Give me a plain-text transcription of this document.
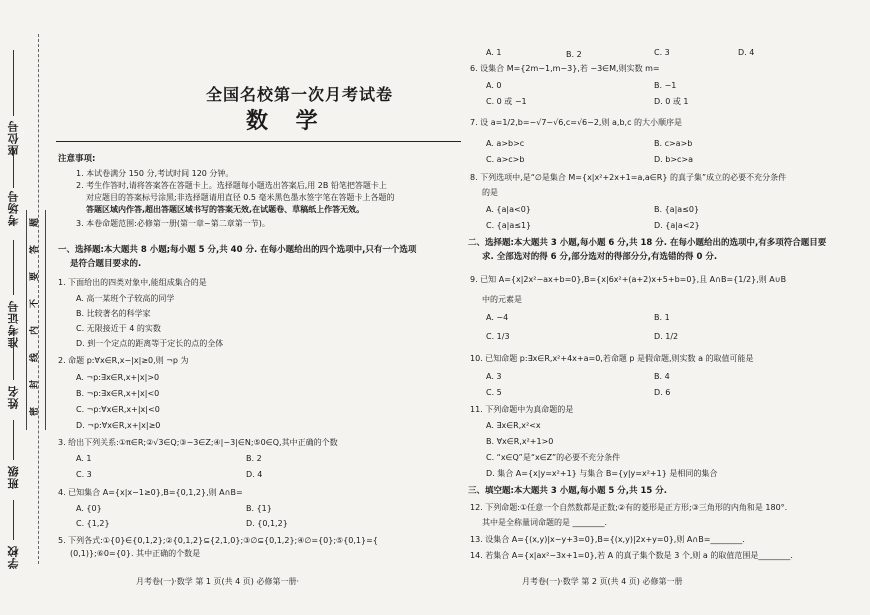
座位号
考场号
准考证号
姓名
班级
学校
题
答
要
不
内
线
封
密
全国名校第一次月考试卷
数 学
注意事项:
1. 本试卷满分 150 分,考试时间 120 分钟。
2. 考生作答时,请将答案答在答题卡上。选择题每小题选出答案后,用 2B 铅笔把答题卡上
对应题目的答案标号涂黑;非选择题请用直径 0.5 毫米黑色墨水签字笔在答题卡上各题的
答题区域内作答,超出答题区域书写的答案无效,在试题卷、草稿纸上作答无效。
3. 本卷命题范围:必修第一册(第一章~第二章第一节)。
一、选择题:本大题共 8 小题;每小题 5 分,共 40 分. 在每小题给出的四个选项中,只有一个选项
是符合题目要求的.
1. 下面给出的四类对象中,能组成集合的是
A. 高一某班个子较高的同学
B. 比较著名的科学家
C. 无限接近于 4 的实数
D. 到一个定点的距离等于定长的点的全体
2. 命题 p:∀x∈R,x−|x|≥0,则 ¬p 为
A. ¬p:∃x∈R,x+|x|>0
B. ¬p:∃x∈R,x+|x|<0
C. ¬p:∀x∈R,x+|x|<0
D. ¬p:∀x∈R,x+|x|≥0
3. 给出下列关系:①π∈R;②√3∈Q;③−3∈Z;④|−3|∈N;⑤0∈Q,其中正确的个数
A. 1	B. 2
C. 3	D. 4
4. 已知集合 A={x|x−1≥0},B={0,1,2},则 A∩B=
A. {0}	B. {1}
C. {1,2}	D. {0,1,2}
5. 下列各式:①{0}∈{0,1,2};②{0,1,2}⊆{2,1,0};③∅⊆{0,1,2};④∅={0};⑤{0,1}={
(0,1)};⑥0={0}. 其中正确的个数是
月考卷(一)·数学 第 1 页(共 4 页) 必修第一册·
A. 1	B. 2	C. 3	D. 4
6. 设集合 M={2m−1,m−3},若 −3∈M,则实数 m=
A. 0	B. −1
C. 0 或 −1	D. 0 或 1
7. 设 a=1/2,b=−√7−√6,c=√6−2,则 a,b,c 的大小顺序是
A. a>b>c	B. c>a>b
C. a>c>b	D. b>c>a
8. 下列选项中,是“∅是集合 M={x|x²+2x+1=a,a∈R} 的真子集”成立的必要不充分条件
的是
A. {a|a<0}	B. {a|a≤0}
C. {a|a≤1}	D. {a|a<2}
二、选择题:本大题共 3 小题,每小题 6 分,共 18 分. 在每小题给出的选项中,有多项符合题目要
求. 全部选对的得 6 分,部分选对的得部分分,有选错的得 0 分.
9. 已知 A={x|2x²−ax+b=0},B={x|6x²+(a+2)x+5+b=0},且 A∩B={1/2},则 A∪B
中的元素是
A. −4	B. 1
C. 1/3	D. 1/2
10. 已知命题 p:∃x∈R,x²+4x+a=0,若命题 p 是假命题,则实数 a 的取值可能是
A. 3	B. 4
C. 5	D. 6
11. 下列命题中为真命题的是
A. ∃x∈R,x²<x
B. ∀x∈R,x²+1>0
C. “x∈Q”是“x∈Z”的必要不充分条件
D. 集合 A={x|y=x²+1} 与集合 B={y|y=x²+1} 是相同的集合
三、填空题:本大题共 3 小题,每小题 5 分,共 15 分.
12. 下列命题:①任意一个自然数都是正数;②有的菱形是正方形;③三角形的内角和是 180°.
其中是全称量词命题的是 ________.
13. 设集合 A={(x,y)|x−y+3=0},B={(x,y)|2x+y=0},则 A∩B=________.
14. 若集合 A={x|ax²−3x+1=0},若 A 的真子集个数是 3 个,则 a 的取值范围是________.
月考卷(一)·数学 第 2 页(共 4 页) 必修第一册
